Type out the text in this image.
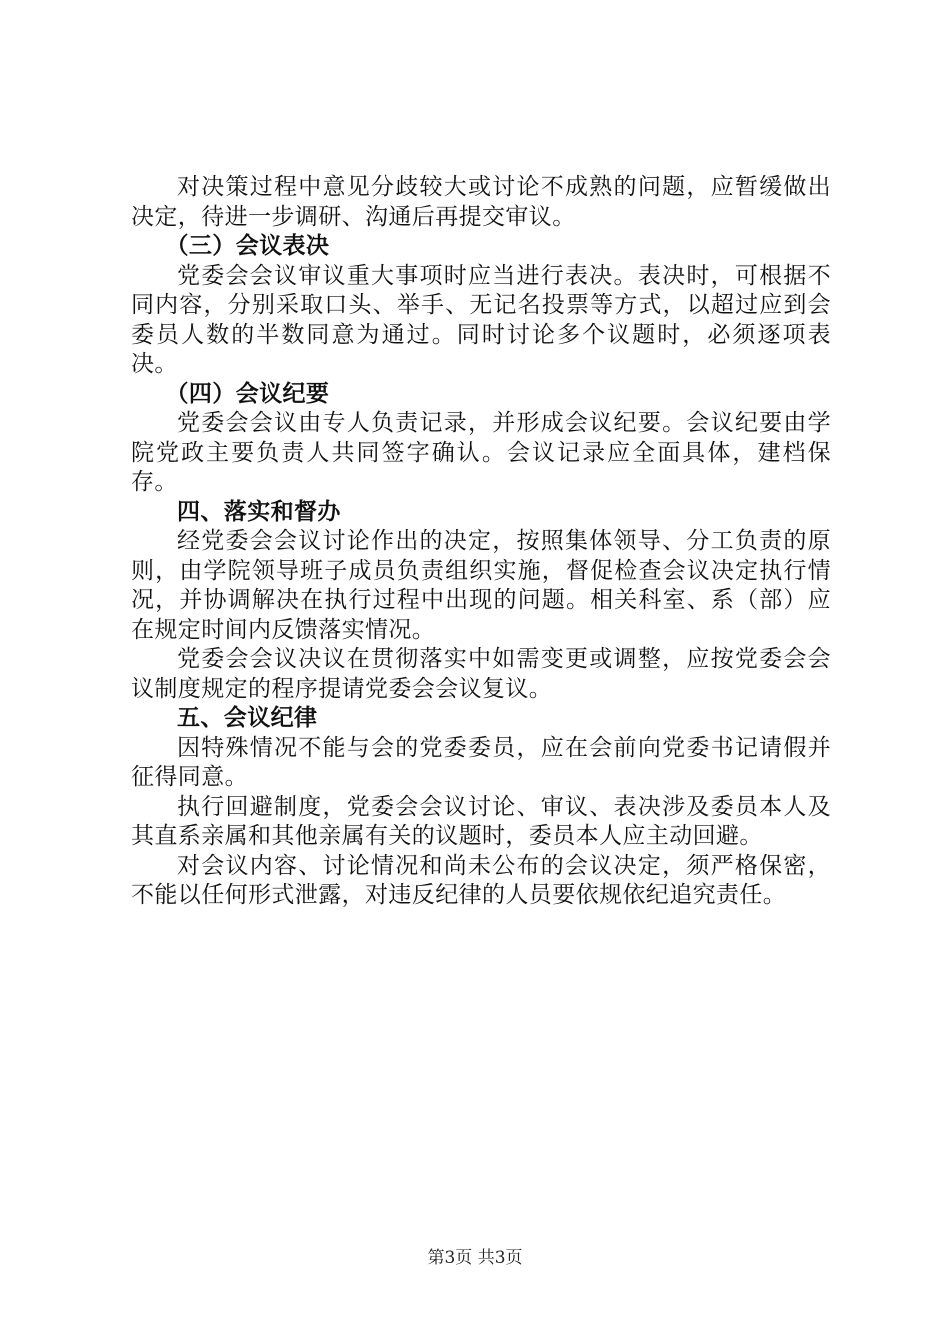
对决策过程中意见分歧较大或讨论不成熟的问题，应暂缓做出决定，待进一步调研、沟通后再提交审议。

（三）会议表决

党委会会议审议重大事项时应当进行表决。表决时，可根据不同内容，分别采取口头、举手、无记名投票等方式，以超过应到会委员人数的半数同意为通过。同时讨论多个议题时，必须逐项表决。

（四）会议纪要

党委会会议由专人负责记录，并形成会议纪要。会议纪要由学院党政主要负责人共同签字确认。会议记录应全面具体，建档保存。

四、落实和督办

经党委会会议讨论作出的决定，按照集体领导、分工负责的原则，由学院领导班子成员负责组织实施，督促检查会议决定执行情况，并协调解决在执行过程中出现的问题。相关科室、系（部）应在规定时间内反馈落实情况。

党委会会议决议在贯彻落实中如需变更或调整，应按党委会会议制度规定的程序提请党委会会议复议。

五、会议纪律

因特殊情况不能与会的党委委员，应在会前向党委书记请假并征得同意。

执行回避制度，党委会会议讨论、审议、表决涉及委员本人及其直系亲属和其他亲属有关的议题时，委员本人应主动回避。

对会议内容、讨论情况和尚未公布的会议决定，须严格保密，不能以任何形式泄露，对违反纪律的人员要依规依纪追究责任。

第3页 共3页
